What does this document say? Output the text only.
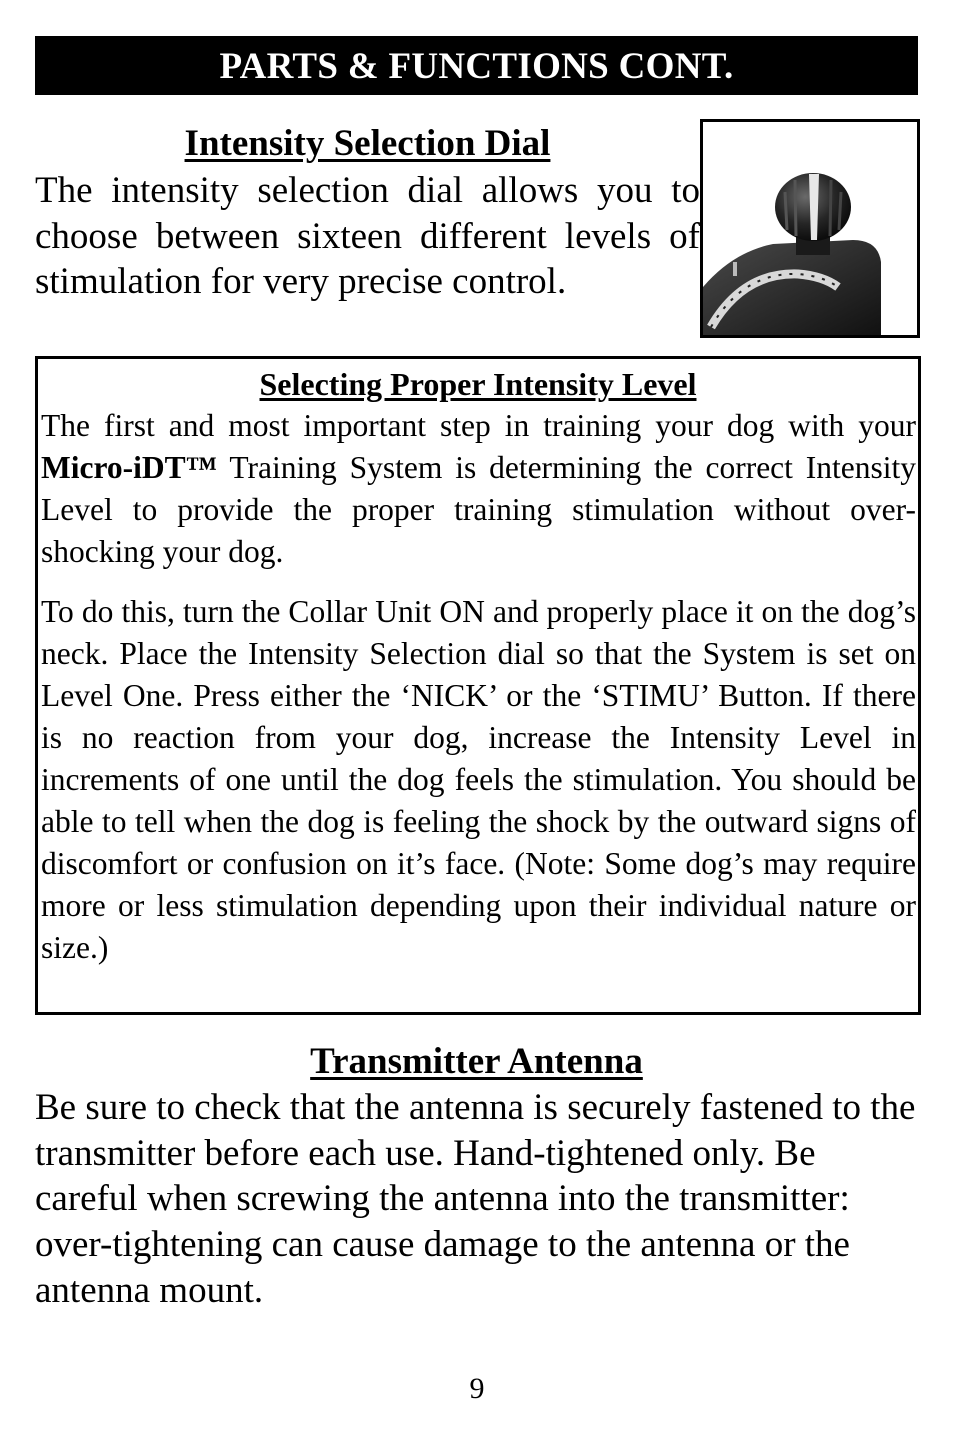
PARTS & FUNCTIONS CONT.
Intensity Selection Dial

The intensity selection dial allows you to choose between sixteen different levels of stimulation for very precise control.

Selecting Proper Intensity Level

The first and most important step in training your dog with your Micro-iDT™ Training System is determining the correct Intensity Level to provide the proper training stimulation without over-shocking your dog.

To do this, turn the Collar Unit ON and properly place it on the dog’s neck. Place the Intensity Selection dial so that the System is set on Level One. Press either the ‘NICK’ or the ‘STIMU’ Button. If there is no reaction from your dog, increase the Intensity Level in increments of one until the dog feels the stimulation. You should be able to tell when the dog is feeling the shock by the outward signs of discomfort or confusion on it’s face. (Note: Some dog’s may require more or less stimulation depending upon their individual nature or size.)

Transmitter Antenna

Be sure to check that the antenna is securely fastened to the transmitter before each use. Hand-tightened only. Be careful when screwing the antenna into the transmitter: over-tightening can cause damage to the antenna or the antenna mount.

9
